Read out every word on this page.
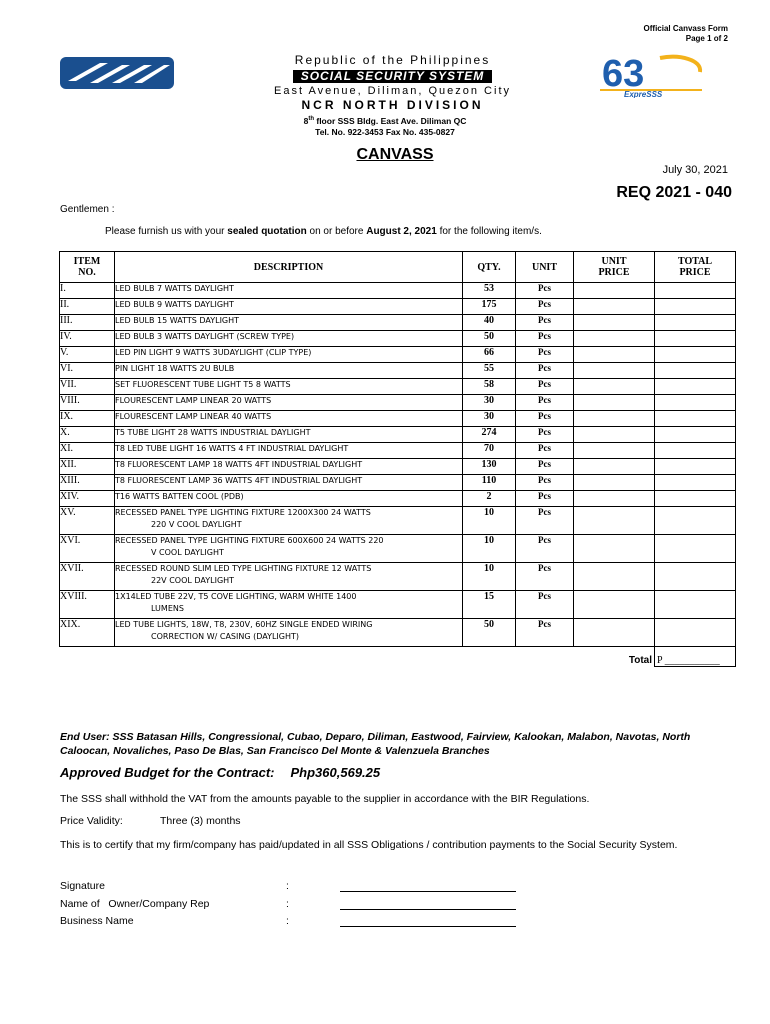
Official Canvass Form
Page 1 of 2
Republic of the Philippines
SOCIAL SECURITY SYSTEM
East Avenue, Diliman, Quezon City
NCR NORTH DIVISION
63
ExpreSSS
8th floor SSS Bldg. East Ave. Diliman QC
Tel. No. 922-3453 Fax No. 435-0827
CANVASS
July 30, 2021
REQ 2021 - 040
Gentlemen :
Please furnish us with your sealed quotation on or before August 2, 2021 for the following item/s.
ITEM
NO.	DESCRIPTION	QTY.	UNIT	UNIT
PRICE	TOTAL
PRICE
I.	LED BULB 7 WATTS DAYLIGHT	53	Pcs		
II.	LED BULB 9 WATTS DAYLIGHT	175	Pcs		
III.	LED BULB 15 WATTS DAYLIGHT	40	Pcs		
IV.	LED BULB 3 WATTS DAYLIGHT (SCREW TYPE)	50	Pcs		
V.	LED PIN LIGHT 9 WATTS 3UDAYLIGHT (CLIP TYPE)	66	Pcs		
VI.	PIN LIGHT 18 WATTS 2U BULB	55	Pcs		
VII.	SET FLUORESCENT TUBE LIGHT T5 8 WATTS	58	Pcs		
VIII.	FLOURESCENT LAMP LINEAR 20 WATTS	30	Pcs		
IX.	FLOURESCENT LAMP LINEAR 40 WATTS	30	Pcs		
X.	T5 TUBE LIGHT 28 WATTS INDUSTRIAL DAYLIGHT	274	Pcs		
XI.	T8 LED TUBE LIGHT 16 WATTS 4 FT INDUSTRIAL DAYLIGHT	70	Pcs		
XII.	T8 FLUORESCENT LAMP 18 WATTS 4FT INDUSTRIAL DAYLIGHT	130	Pcs		
XIII.	T8 FLUORESCENT LAMP 36 WATTS 4FT INDUSTRIAL DAYLIGHT	110	Pcs		
XIV.	T16 WATTS BATTEN COOL (PDB)	2	Pcs		
XV.	RECESSED PANEL TYPE LIGHTING FIXTURE 1200X300 24 WATTS
220 V COOL DAYLIGHT	10	Pcs		
XVI.	RECESSED PANEL TYPE LIGHTING FIXTURE 600X600 24 WATTS 220
V COOL DAYLIGHT	10	Pcs		
XVII.	RECESSED ROUND SLIM LED TYPE LIGHTING FIXTURE 12 WATTS
22V COOL DAYLIGHT	10	Pcs		
XVIII.	1X14LED TUBE 22V, T5 COVE LIGHTING, WARM WHITE 1400
LUMENS	15	Pcs		
XIX.	LED TUBE LIGHTS, 18W, T8, 230V, 60HZ SINGLE ENDED WIRING
CORRECTION W/ CASING (DAYLIGHT)	50	Pcs		
Total					P ___________
End User: SSS Batasan Hills, Congressional, Cubao, Deparo, Diliman, Eastwood, Fairview, Kalookan, Malabon, Navotas, North Caloocan, Novaliches, Paso De Blas, San Francisco Del Monte & Valenzuela Branches
Approved Budget for the Contract: Php360,569.25
The SSS shall withhold the VAT from the amounts payable to the supplier in accordance with the BIR Regulations.
Price Validity:	Three (3) months
This is to certify that my firm/company has paid/updated in all SSS Obligations / contribution payments to the Social Security System.
Signature	:
Name of   Owner/Company Rep	:
Business Name	:
